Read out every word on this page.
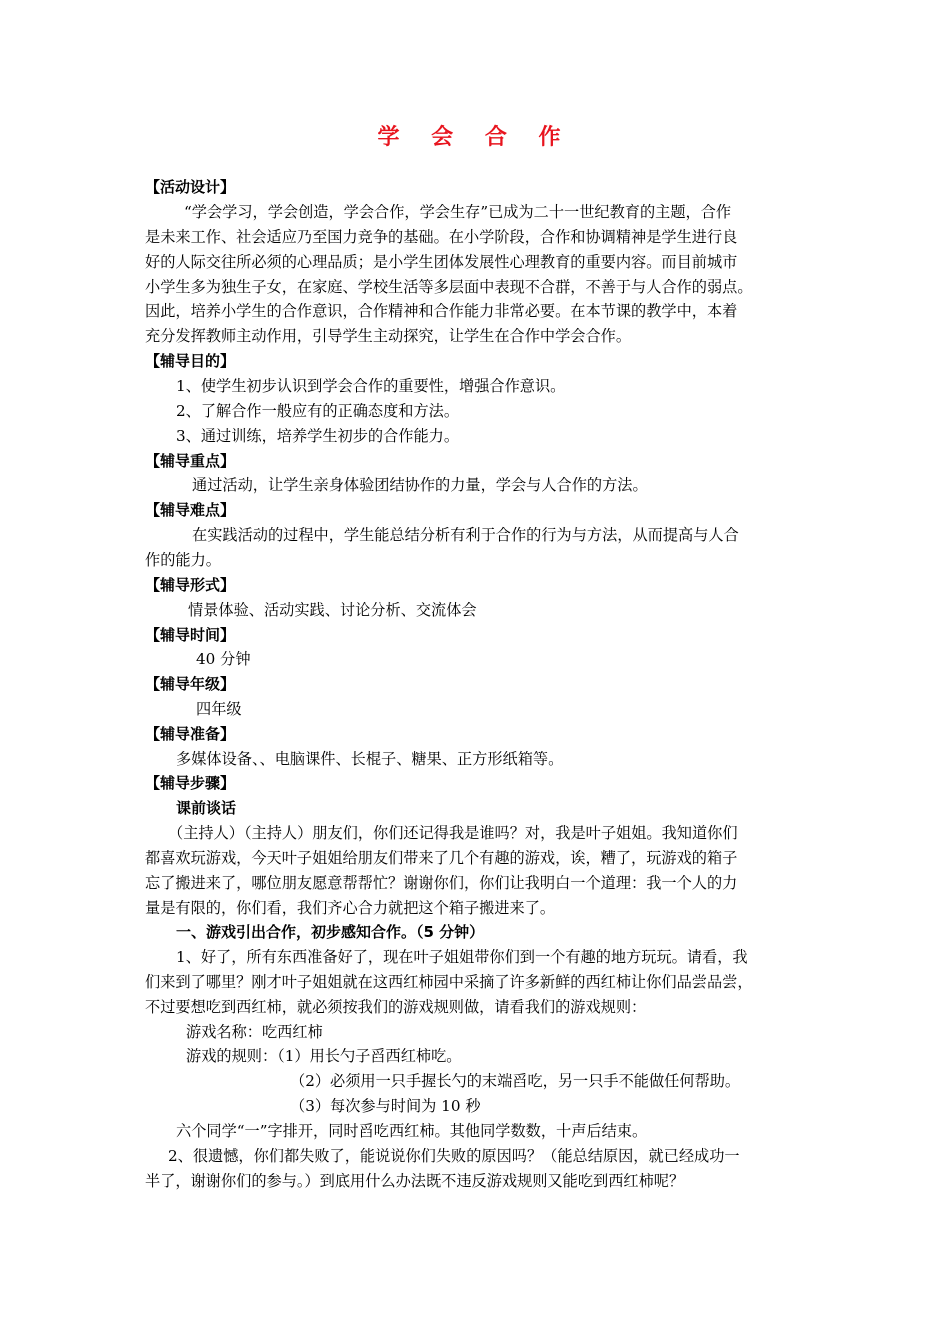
学 会 合 作
【活动设计】
“学会学习，学会创造，学会合作，学会生存”已成为二十一世纪教育的主题，合作
是未来工作、社会适应乃至国力竞争的基础。在小学阶段，合作和协调精神是学生进行良
好的人际交往所必须的心理品质；是小学生团体发展性心理教育的重要内容。而目前城市
小学生多为独生子女，在家庭、学校生活等多层面中表现不合群，不善于与人合作的弱点。
因此，培养小学生的合作意识，合作精神和合作能力非常必要。在本节课的教学中，本着
充分发挥教师主动作用，引导学生主动探究，让学生在合作中学会合作。
【辅导目的】
1、使学生初步认识到学会合作的重要性，增强合作意识。
2、了解合作一般应有的正确态度和方法。
3、通过训练，培养学生初步的合作能力。
【辅导重点】
通过活动，让学生亲身体验团结协作的力量，学会与人合作的方法。
【辅导难点】
在实践活动的过程中，学生能总结分析有利于合作的行为与方法，从而提高与人合
作的能力。
【辅导形式】
情景体验、活动实践、讨论分析、交流体会
【辅导时间】
40 分钟
【辅导年级】
四年级
【辅导准备】
多媒体设备、、电脑课件、长棍子、糖果、正方形纸箱等。
【辅导步骤】
课前谈话
（主持人）（主持人）朋友们，你们还记得我是谁吗？对，我是叶子姐姐。我知道你们
都喜欢玩游戏，今天叶子姐姐给朋友们带来了几个有趣的游戏，诶，糟了，玩游戏的箱子
忘了搬进来了，哪位朋友愿意帮帮忙？谢谢你们，你们让我明白一个道理：我一个人的力
量是有限的，你们看，我们齐心合力就把这个箱子搬进来了。
一、游戏引出合作，初步感知合作。（5 分钟）
1、好了，所有东西准备好了，现在叶子姐姐带你们到一个有趣的地方玩玩。请看，我
们来到了哪里？刚才叶子姐姐就在这西红柿园中采摘了许多新鲜的西红柿让你们品尝品尝，
不过要想吃到西红柿，就必须按我们的游戏规则做，请看我们的游戏规则：
游戏名称：吃西红柿
游戏的规则：（1）用长勺子舀西红柿吃。
（2）必须用一只手握长勺的末端舀吃，另一只手不能做任何帮助。
（3）每次参与时间为 10 秒
六个同学“一”字排开，同时舀吃西红柿。其他同学数数，十声后结束。
2、很遗憾，你们都失败了，能说说你们失败的原因吗？（能总结原因，就已经成功一
半了，谢谢你们的参与。）到底用什么办法既不违反游戏规则又能吃到西红柿呢？
